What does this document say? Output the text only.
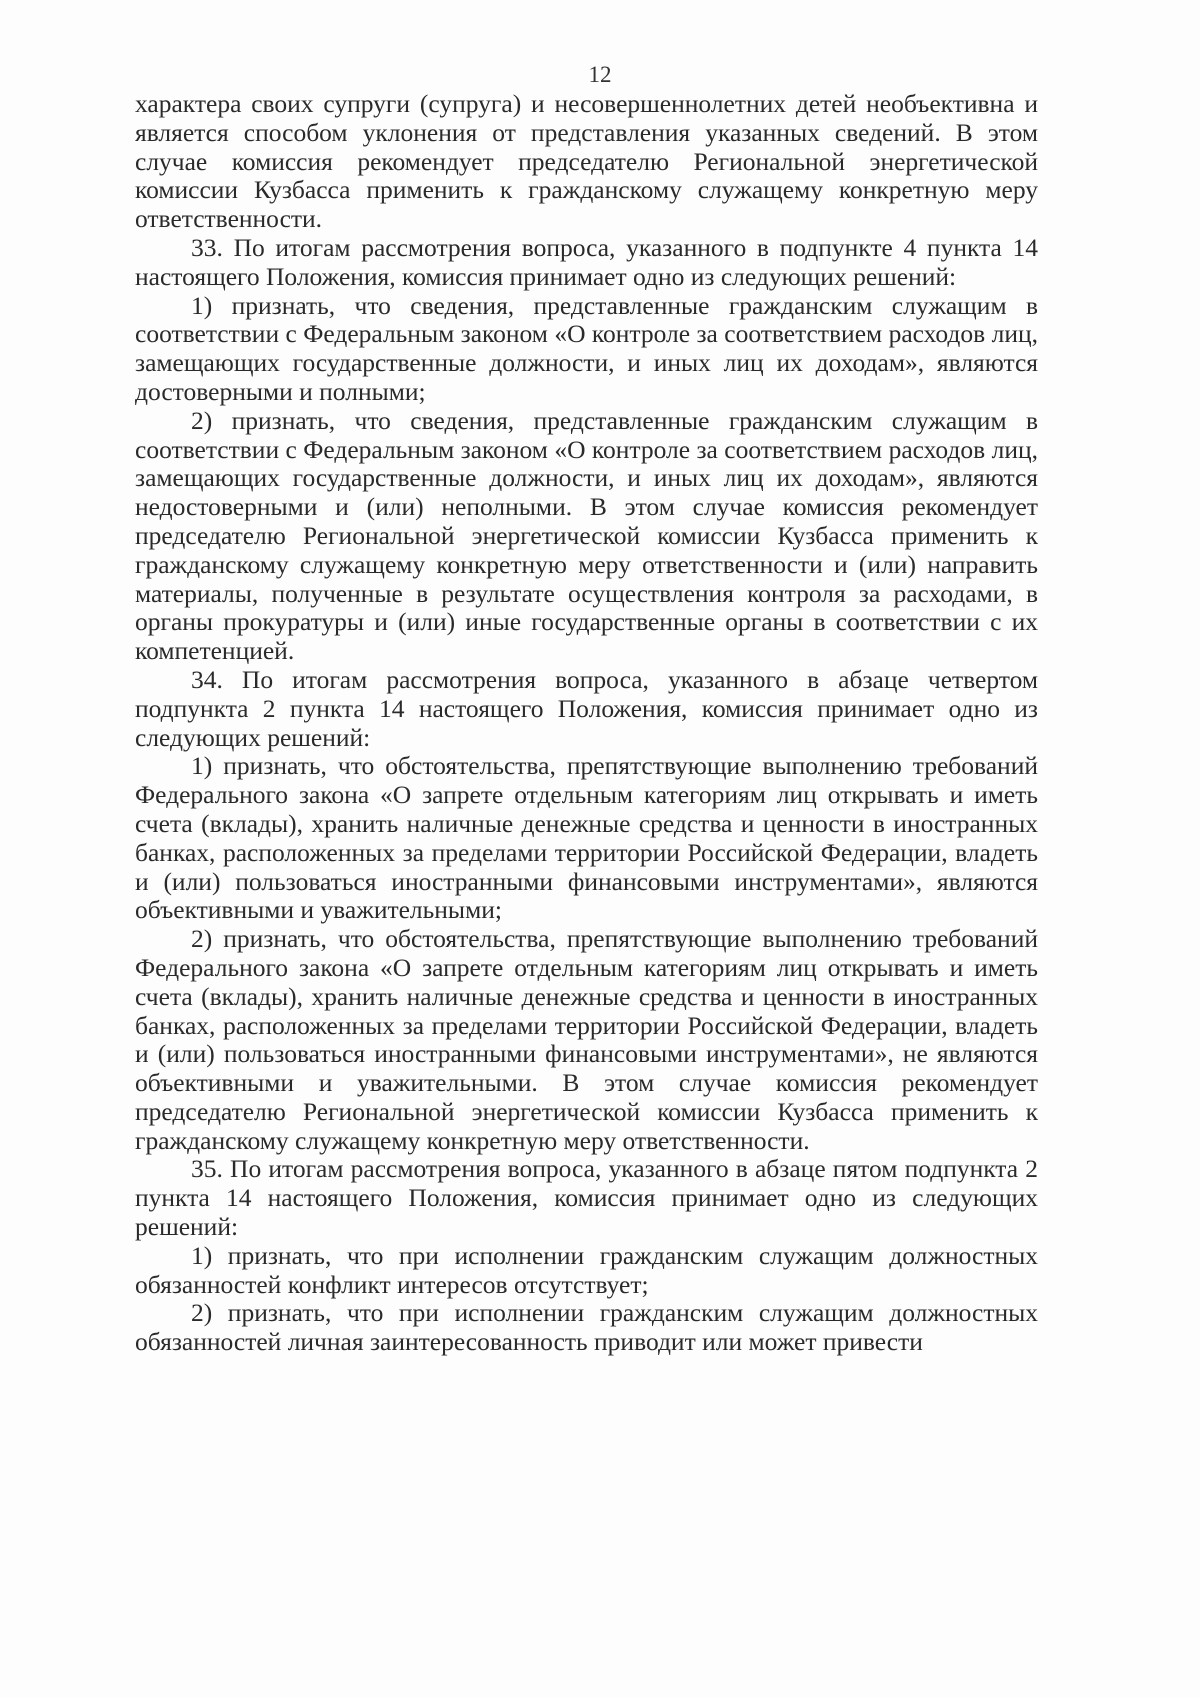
12

характера своих супруги (супруга) и несовершеннолетних детей необъективна и является способом уклонения от представления указанных сведений. В этом случае комиссия рекомендует председателю Региональной энергетической комиссии Кузбасса применить к гражданскому служащему конкретную меру ответственности.

33. По итогам рассмотрения вопроса, указанного в подпункте 4 пункта 14 настоящего Положения, комиссия принимает одно из следующих решений:

1) признать, что сведения, представленные гражданским служащим в соответствии с Федеральным законом «О контроле за соответствием расходов лиц, замещающих государственные должности, и иных лиц их доходам», являются достоверными и полными;

2) признать, что сведения, представленные гражданским служащим в соответствии с Федеральным законом «О контроле за соответствием расходов лиц, замещающих государственные должности, и иных лиц их доходам», являются недостоверными и (или) неполными. В этом случае комиссия рекомендует председателю Региональной энергетической комиссии Кузбасса применить к гражданскому служащему конкретную меру ответственности и (или) направить материалы, полученные в результате осуществления контроля за расходами, в органы прокуратуры и (или) иные государственные органы в соответствии с их компетенцией.

34. По итогам рассмотрения вопроса, указанного в абзаце четвертом подпункта 2 пункта 14 настоящего Положения, комиссия принимает одно из следующих решений:

1) признать, что обстоятельства, препятствующие выполнению требований Федерального закона «О запрете отдельным категориям лиц открывать и иметь счета (вклады), хранить наличные денежные средства и ценности в иностранных банках, расположенных за пределами территории Российской Федерации, владеть и (или) пользоваться иностранными финансовыми инструментами», являются объективными и уважительными;

2) признать, что обстоятельства, препятствующие выполнению требований Федерального закона «О запрете отдельным категориям лиц открывать и иметь счета (вклады), хранить наличные денежные средства и ценности в иностранных банках, расположенных за пределами территории Российской Федерации, владеть и (или) пользоваться иностранными финансовыми инструментами», не являются объективными и уважительными. В этом случае комиссия рекомендует председателю Региональной энергетической комиссии Кузбасса применить к гражданскому служащему конкретную меру ответственности.

35. По итогам рассмотрения вопроса, указанного в абзаце пятом подпункта 2 пункта 14 настоящего Положения, комиссия принимает одно из следующих решений:

1) признать, что при исполнении гражданским служащим должностных обязанностей конфликт интересов отсутствует;

2) признать, что при исполнении гражданским служащим должностных обязанностей личная заинтересованность приводит или может привести
